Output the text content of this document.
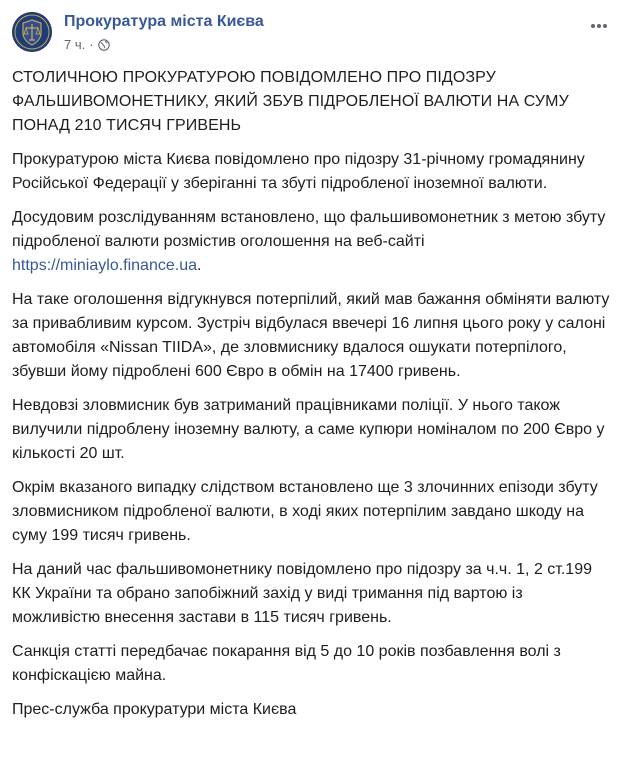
Прокуратура міста Києва
7 ч. ·

СТОЛИЧНОЮ ПРОКУРАТУРОЮ ПОВІДОМЛЕНО ПРО ПІДОЗРУ ФАЛЬШИВОМОНЕТНИКУ, ЯКИЙ ЗБУВ ПІДРОБЛЕНОЇ ВАЛЮТИ НА СУМУ ПОНАД 210 ТИСЯЧ ГРИВЕНЬ

Прокуратурою міста Києва повідомлено про підозру 31-річному громадянину Російської Федерації у зберіганні та збуті підробленої іноземної валюти.

Досудовим розслідуванням встановлено, що фальшивомонетник з метою збуту підробленої валюти розмістив оголошення на веб-сайті https://miniaylo.finance.ua.

На таке оголошення відгукнувся потерпілий, який мав бажання обміняти валюту за привабливим курсом. Зустріч відбулася ввечері 16 липня цього року у салоні автомобіля «Nissan TIIDA», де зловмиснику вдалося ошукати потерпілого, збувши йому підроблені 600 Євро в обмін на 17400 гривень.

Невдовзі зловмисник був затриманий працівниками поліції. У нього також вилучили підроблену іноземну валюту, а саме купюри номіналом по 200 Євро у кількості 20 шт.

Окрім вказаного випадку слідством встановлено ще 3 злочинних епізоди збуту зловмисником підробленої валюти, в ході яких потерпілим завдано шкоду на суму 199 тисяч гривень.

На даний час фальшивомонетнику повідомлено про підозру за ч.ч. 1, 2 ст.199 КК України та обрано запобіжний захід у виді тримання під вартою із можливістю внесення застави в 115 тисяч гривень.

Санкція статті передбачає покарання від 5 до 10 років позбавлення волі з конфіскацією майна.

Прес-служба прокуратури міста Києва
